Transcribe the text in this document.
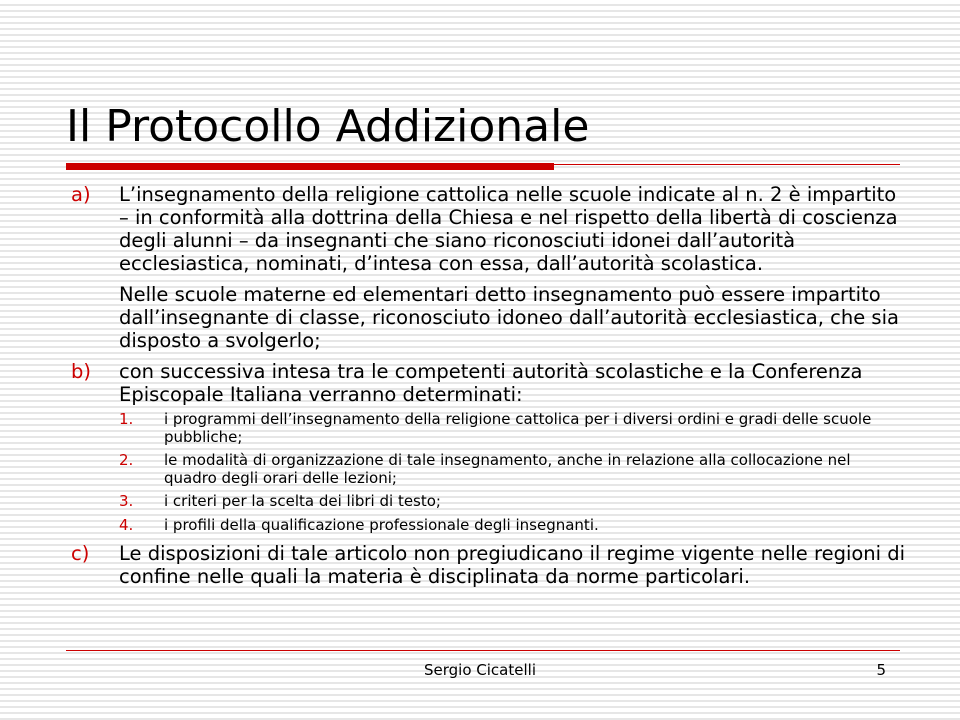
Il Protocollo Addizionale
a) L’insegnamento della religione cattolica nelle scuole indicate al n. 2 è impartito – in conformità alla dottrina della Chiesa e nel rispetto della libertà di coscienza degli alunni – da insegnanti che siano riconosciuti idonei dall’autorità ecclesiastica, nominati, d’intesa con essa, dall’autorità scolastica.
Nelle scuole materne ed elementari detto insegnamento può essere impartito dall’insegnante di classe, riconosciuto idoneo dall’autorità ecclesiastica, che sia disposto a svolgerlo;
b) con successiva intesa tra le competenti autorità scolastiche e la Conferenza Episcopale Italiana verranno determinati:
1. i programmi dell’insegnamento della religione cattolica per i diversi ordini e gradi delle scuole pubbliche;
2. le modalità di organizzazione di tale insegnamento, anche in relazione alla collocazione nel quadro degli orari delle lezioni;
3. i criteri per la scelta dei libri di testo;
4. i profili della qualificazione professionale degli insegnanti.
c) Le disposizioni di tale articolo non pregiudicano il regime vigente nelle regioni di confine nelle quali la materia è disciplinata da norme particolari.
Sergio Cicatelli	5
